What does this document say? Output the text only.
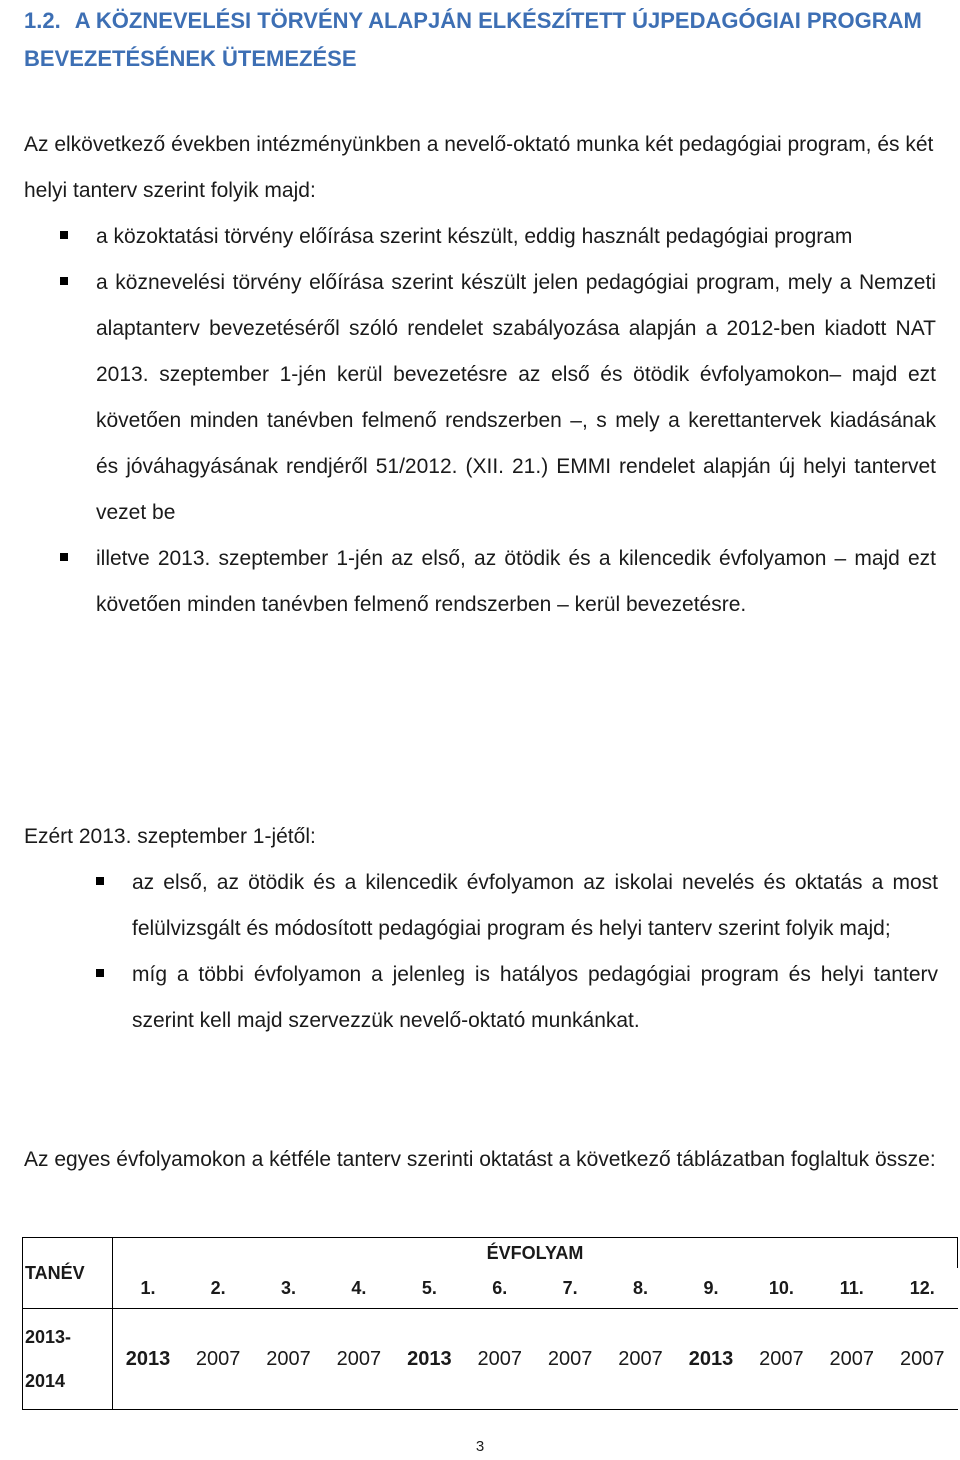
1.2. A KÖZNEVELÉSI TÖRVÉNY ALAPJÁN ELKÉSZÍTETT ÚJPEDAGÓGIAI PROGRAM BEVEZETÉSÉNEK ÜTEMEZÉSE

Az elkövetkező években intézményünkben a nevelő-oktató munka két pedagógiai program, és két helyi tanterv szerint folyik majd:

a közoktatási törvény előírása szerint készült, eddig használt pedagógiai program
a köznevelési törvény előírása szerint készült jelen pedagógiai program, mely a Nemzeti alaptanterv bevezetéséről szóló rendelet szabályozása alapján a 2012-ben kiadott NAT 2013. szeptember 1-jén kerül bevezetésre az első és ötödik évfolyamokon– majd ezt követően minden tanévben felmenő rendszerben –, s mely a kerettantervek kiadásának és jóváhagyásának rendjéről 51/2012. (XII. 21.) EMMI rendelet alapján új helyi tantervet vezet be
illetve 2013. szeptember 1-jén az első, az ötödik és a kilencedik évfolyamon – majd ezt követően minden tanévben felmenő rendszerben – kerül bevezetésre.

Ezért 2013. szeptember 1-jétől:

az első, az ötödik és a kilencedik évfolyamon az iskolai nevelés és oktatás a most felülvizsgált és módosított pedagógiai program és helyi tanterv szerint folyik majd;
míg a többi évfolyamon a jelenleg is hatályos pedagógiai program és helyi tanterv szerint kell majd szervezzük nevelő-oktató munkánkat.

Az egyes évfolyamokon a kétféle tanterv szerinti oktatást a következő táblázatban foglaltuk össze:

TANÉV	ÉVFOLYAM											
	1.	2.	3.	4.	5.	6.	7.	8.	9.	10.	11.	12.
2013-
2014	2013	2007	2007	2007	2013	2007	2007	2007	2013	2007	2007	2007
3
